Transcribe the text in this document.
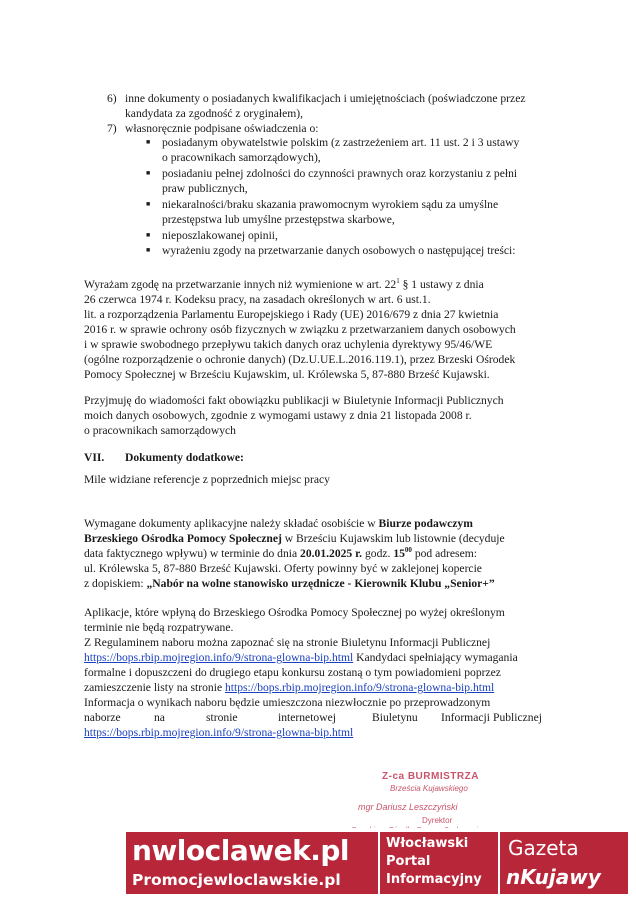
6) inne dokumenty o posiadanych kwalifikacjach i umiejętnościach (poświadczone przez
kandydata za zgodność z oryginałem),
7) własnoręcznie podpisane oświadczenia o:
■ posiadanym obywatelstwie polskim (z zastrzeżeniem art. 11 ust. 2 i 3 ustawy
o pracownikach samorządowych),
■ posiadaniu pełnej zdolności do czynności prawnych oraz korzystaniu z pełni
praw publicznych,
■ niekaralności/braku skazania prawomocnym wyrokiem sądu za umyślne
przestępstwa lub umyślne przestępstwa skarbowe,
■ nieposzlakowanej opinii,
■ wyrażeniu zgody na przetwarzanie danych osobowych o następującej treści:
Wyrażam zgodę na przetwarzanie innych niż wymienione w art. $22^1$ § 1 ustawy z dnia
26 czerwca 1974 r. Kodeksu pracy, na zasadach określonych w art. 6 ust.1.
lit. a rozporządzenia Parlamentu Europejskiego i Rady (UE) 2016/679 z dnia 27 kwietnia
2016 r. w sprawie ochrony osób fizycznych w związku z przetwarzaniem danych osobowych
i w sprawie swobodnego przepływu takich danych oraz uchylenia dyrektywy 95/46/WE
(ogólne rozporządzenie o ochronie danych) (Dz.U.UE.L.2016.119.1), przez Brzeski Ośrodek
Pomocy Społecznej w Brześciu Kujawskim, ul. Królewska 5, 87-880 Brześć Kujawski.
Przyjmuję do wiadomości fakt obowiązku publikacji w Biuletynie Informacji Publicznych
moich danych osobowych, zgodnie z wymogami ustawy z dnia 21 listopada 2008 r.
o pracownikach samorządowych
VII. Dokumenty dodatkowe:
Mile widziane referencje z poprzednich miejsc pracy
Wymagane dokumenty aplikacyjne należy składać osobiście w Biurze podawczym
Brzeskiego Ośrodka Pomocy Społecznej w Brześciu Kujawskim lub listownie (decyduje
data faktycznego wpływu) w terminie do dnia 20.01.2025 r. godz. $15^{00}$ pod adresem:
ul. Królewska 5, 87-880 Brześć Kujawski. Oferty powinny być w zaklejonej kopercie
z dopiskiem: „Nabór na wolne stanowisko urzędnicze - Kierownik Klubu „Senior+”
Aplikacje, które wpłyną do Brzeskiego Ośrodka Pomocy Społecznej po wyżej określonym
terminie nie będą rozpatrywane.
Z Regulaminem naboru można zapoznać się na stronie Biuletynu Informacji Publicznej
https://bops.rbip.mojregion.info/9/strona-glowna-bip.html Kandydaci spełniający wymagania
formalne i dopuszczeni do drugiego etapu konkursu zostaną o tym powiadomieni poprzez
zamieszczenie listy na stronie https://bops.rbip.mojregion.info/9/strona-glowna-bip.html
Informacja o wynikach naboru będzie umieszczona niezwłocznie po przeprowadzonym
naborze	na	stronie	internetowej	Biuletynu Informacji Publicznej
https://bops.rbip.mojregion.info/9/strona-glowna-bip.html
Z-ca BURMISTRZA
Brześcia Kujawskiego
mgr Dariusz Leszczyński
Dyrektor
nwloclawek.pl
Promocjewloclawskie.pl
Włocławski
Portal
Informacyjny
Gazeta
nKujawy
